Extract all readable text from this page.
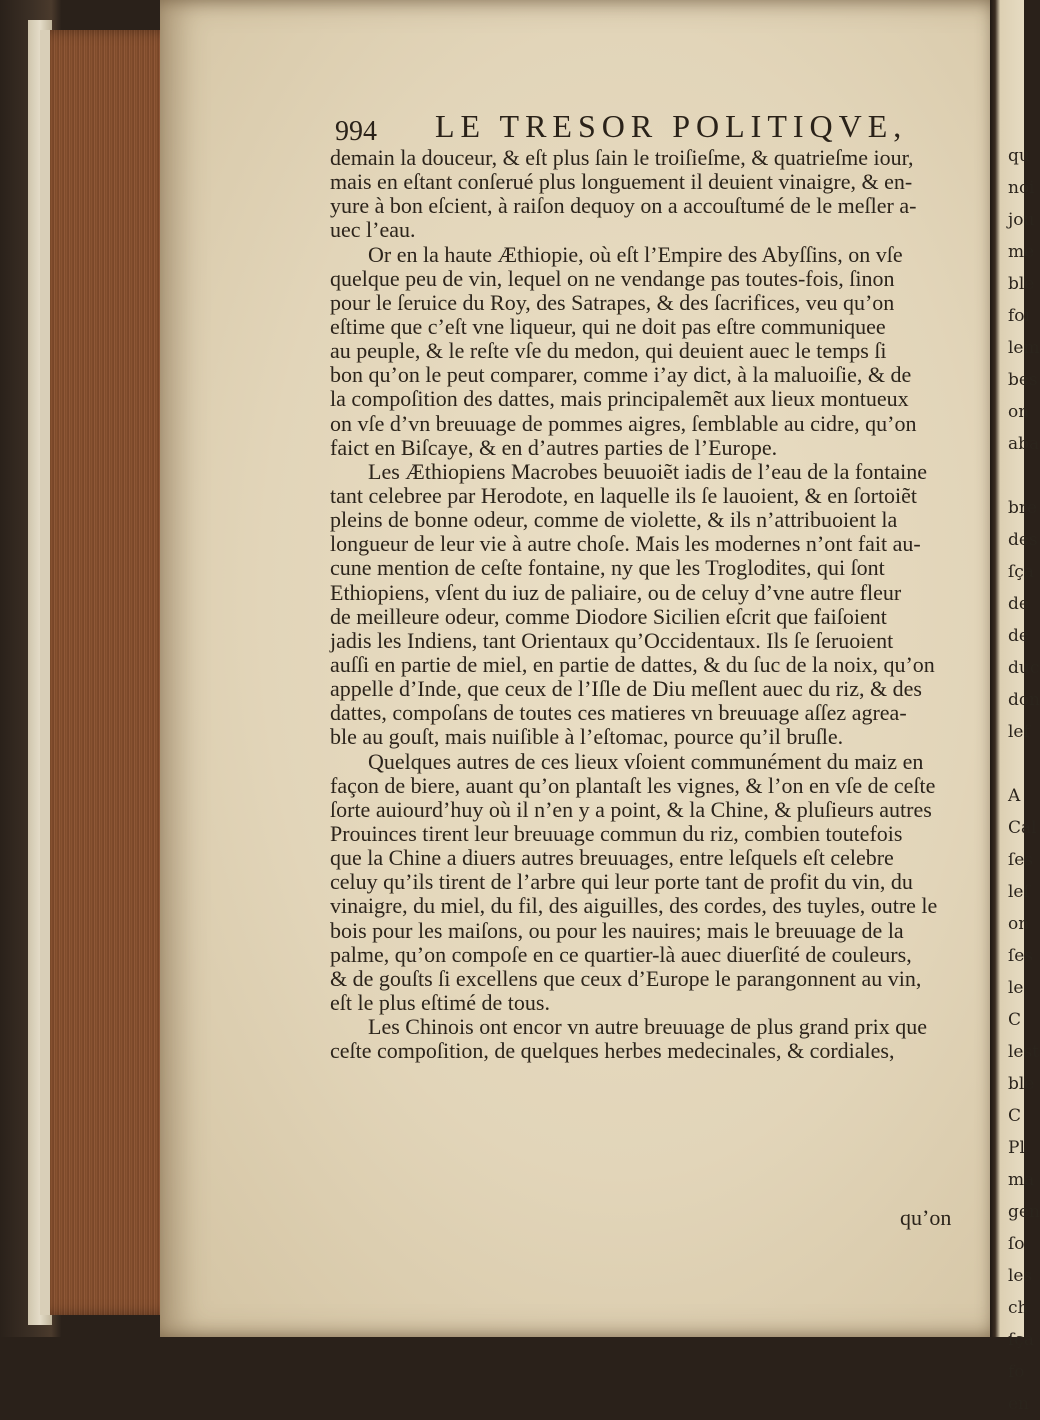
994 LE TRESOR POLITIQVE,
demain la douceur, & eſt plus ſain le troiſieſme, & quatrieſme iour,
mais en eſtant conſerué plus longuement il deuient vinaigre, & en-
yure à bon eſcient, à raiſon dequoy on a accouſtumé de le meſler a-
uec l’eau.
Or en la haute Æthiopie, où eſt l’Empire des Abyſſins, on vſe
quelque peu de vin, lequel on ne vendange pas toutes-fois, ſinon
pour le ſeruice du Roy, des Satrapes, & des ſacrifices, veu qu’on
eſtime que c’eſt vne liqueur, qui ne doit pas eſtre communiquee
au peuple, & le reſte vſe du medon, qui deuient auec le temps ſi
bon qu’on le peut comparer, comme i’ay dict, à la maluoiſie, & de
la compoſition des dattes, mais principalemẽt aux lieux montueux
on vſe d’vn breuuage de pommes aigres, ſemblable au cidre, qu’on
faict en Biſcaye, & en d’autres parties de l’Europe.
Les Æthiopiens Macrobes beuuoiẽt iadis de l’eau de la fontaine
tant celebree par Herodote, en laquelle ils ſe lauoient, & en ſortoiẽt
pleins de bonne odeur, comme de violette, & ils n’attribuoient la
longueur de leur vie à autre choſe. Mais les modernes n’ont fait au-
cune mention de ceſte fontaine, ny que les Troglodites, qui ſont
Ethiopiens, vſent du iuz de paliaire, ou de celuy d’vne autre fleur
de meilleure odeur, comme Diodore Sicilien eſcrit que faiſoient
jadis les Indiens, tant Orientaux qu’Occidentaux. Ils ſe ſeruoient
auſſi en partie de miel, en partie de dattes, & du ſuc de la noix, qu’on
appelle d’Inde, que ceux de l’Iſle de Diu meſlent auec du riz, & des
dattes, compoſans de toutes ces matieres vn breuuage aſſez agrea-
ble au gouſt, mais nuiſible à l’eſtomac, pource qu’il bruſle.
Quelques autres de ces lieux vſoient communément du maiz en
façon de biere, auant qu’on plantaſt les vignes, & l’on en vſe de ceſte
ſorte auiourd’huy où il n’en y a point, & la Chine, & pluſieurs autres
Prouinces tirent leur breuuage commun du riz, combien toutefois
que la Chine a diuers autres breuuages, entre leſquels eſt celebre
celuy qu’ils tirent de l’arbre qui leur porte tant de profit du vin, du
vinaigre, du miel, du fil, des aiguilles, des cordes, des tuyles, outre le
bois pour les maiſons, ou pour les nauires; mais le breuuage de la
palme, qu’on compoſe en ce quartier-là auec diuerſité de couleurs,
& de gouſts ſi excellens que ceux d’Europe le parangonnent au vin,
eſt le plus eſtimé de tous.
Les Chinois ont encor vn autre breuuage de plus grand prix que
ceſte compoſition, de quelques herbes medecinales, & cordiales,
qu’on
qu
noi
jou
me
ble
foi
lem
bes
on
aba
bre
des
ſça
de
de
duc
don
lef
A
Cal
ſes
leſ
on
ſes
le
C
lest
ble
C
Pl
ma
gen
ſo
les
ch
ſça
fo
en
